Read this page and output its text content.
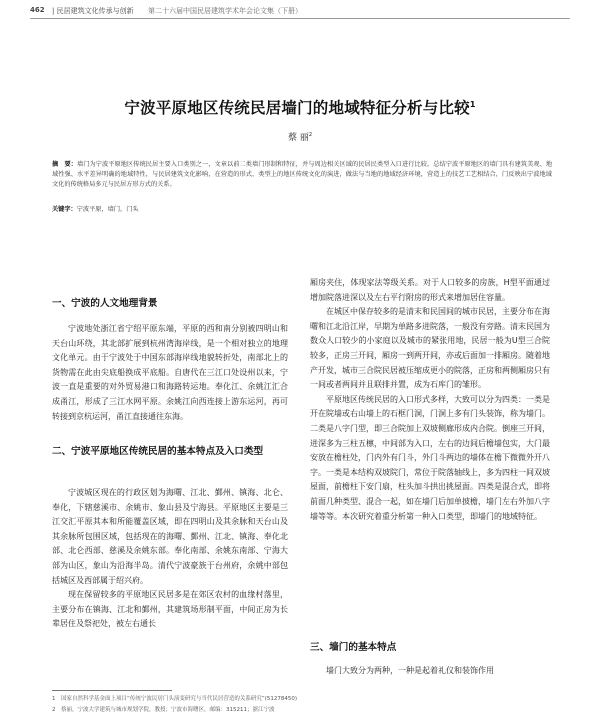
462 | 民居建筑文化传承与创新 第二十六届中国民居建筑学术年会论文集（下册）
宁波平原地区传统民居墙门的地域特征分析与比较$^1$
蔡 丽$^2$
摘　要：墙门为宁波平原地区传统民居主要入口类别之一，文章以前二类墙门形制和特征，并与周边相关区域的民居民类型入口进行比较。总结宁波平原地区的墙门具有建筑美观、地域性强、水平差异明确的地域特性，与民居建筑文化影响，在营造的形式、类型上的地区传统文化的演进，做法与当地的地域经济环境，营造上的技艺工艺相结合，门反映出宁波地域文化的传统格局多元与民居方形方式的关系。
关键字：宁波平原，墙门，门头
一、宁波的人文地理背景

宁波地处浙江省宁绍平原东端，平原的西和南分别被四明山和天台山环绕，其北部扩展到杭州湾海岸线，是一个相对独立的地理文化单元。由于宁波处于中国东部海岸线地貌转折处，南部北上的货物需在此由尖底船换成平底船。自唐代在三江口处设州以来，宁波一直是重要的对外贸易港口和海路转运地。奉化江、余姚江汇合成甬江，形成了三江水网平原。余姚江向西连接上游东运河，再可转接到京杭运河，甬江直接通往东海。

二、宁波平原地区传统民居的基本特点及入口类型

宁波城区现在的行政区划为海曙、江北、鄞州、镇海、北仑、奉化，下辖慈溪市、余姚市、象山县及宁海县。平原地区主要是三江交汇平原其本和所能覆盖区域，即在四明山及其余脉和天台山及其余脉所包围区域，包括现在的海曙、鄞州、江北、镇海、奉化北部、北仑西部、慈溪及余姚东部。奉化南部、余姚东南部、宁海大部为山区，象山为沿海半岛。清代宁波豪族于台州府，余姚中部包括城区及西部属于绍兴府。

现在保留较多的平原地区民居多是在郊区农村的血缘村落里，主要分布在镇海、江北和鄞州，其建筑场形制平面，中间正房为长辈居住及祭祀处，被左右通长

厢房夹住，体现家法等级关系。对于人口较多的房族，H型平面通过增加院落进深以及左右平行附房的形式来增加居住容量。

在城区中保存较多的是清末和民国间的城市民居，主要分布在海曙和江北沿江岸，早期为单路多进院落，一般没有旁路。清末民国为数众人口较少的小家庭以及城市的紧张用地，民居一般为U型三合院较多，正房三开间，厢房一到两开间，亦或后面加一排厢房。随着地产开发，城市三合院民居被压缩成更小的院落，正房和两侧厢房只有一间或者两间并且联排并置，成为石库门的雏形。

平原地区传统民居的入口形式多样，大致可以分为四类：一类是开在院墙或右山墙上的石框门洞，门洞上多有门头装饰，称为墙门。二类是八字门型，即三合院加上双坡侧廊形成内合院。倒座三开间，进深多为三柱五檩，中间部为入口，左右的边间后檐墙包实，大门最安放在檐柱处，门内外有门斗，外门斗两边的墙体在檐下微微外开八字。一类是本结构双坡院门，常位于院落轴线上，多为四柱一间双坡屋面，前檐柱下安门扇，柱头加斗拱出挑屋面。四类是混合式，即将前面几种类型、混合一起，如在墙门后加单披檐，墙门左右外加八字墙等等。本次研究着重分析第一种入口类型，即墙门的地域特征。

三、墙门的基本特点

墙门大致分为两种，一种是起着礼仪和装饰作用

1　国家自然科学基金面上项目“传统宁波民居门头演变研究与当代民居营造的关系研究”(51278450)
2　蔡丽，宁波大学建筑与城市规划学院，教授；宁波市海曙区，邮编：315211；浙江宁波
